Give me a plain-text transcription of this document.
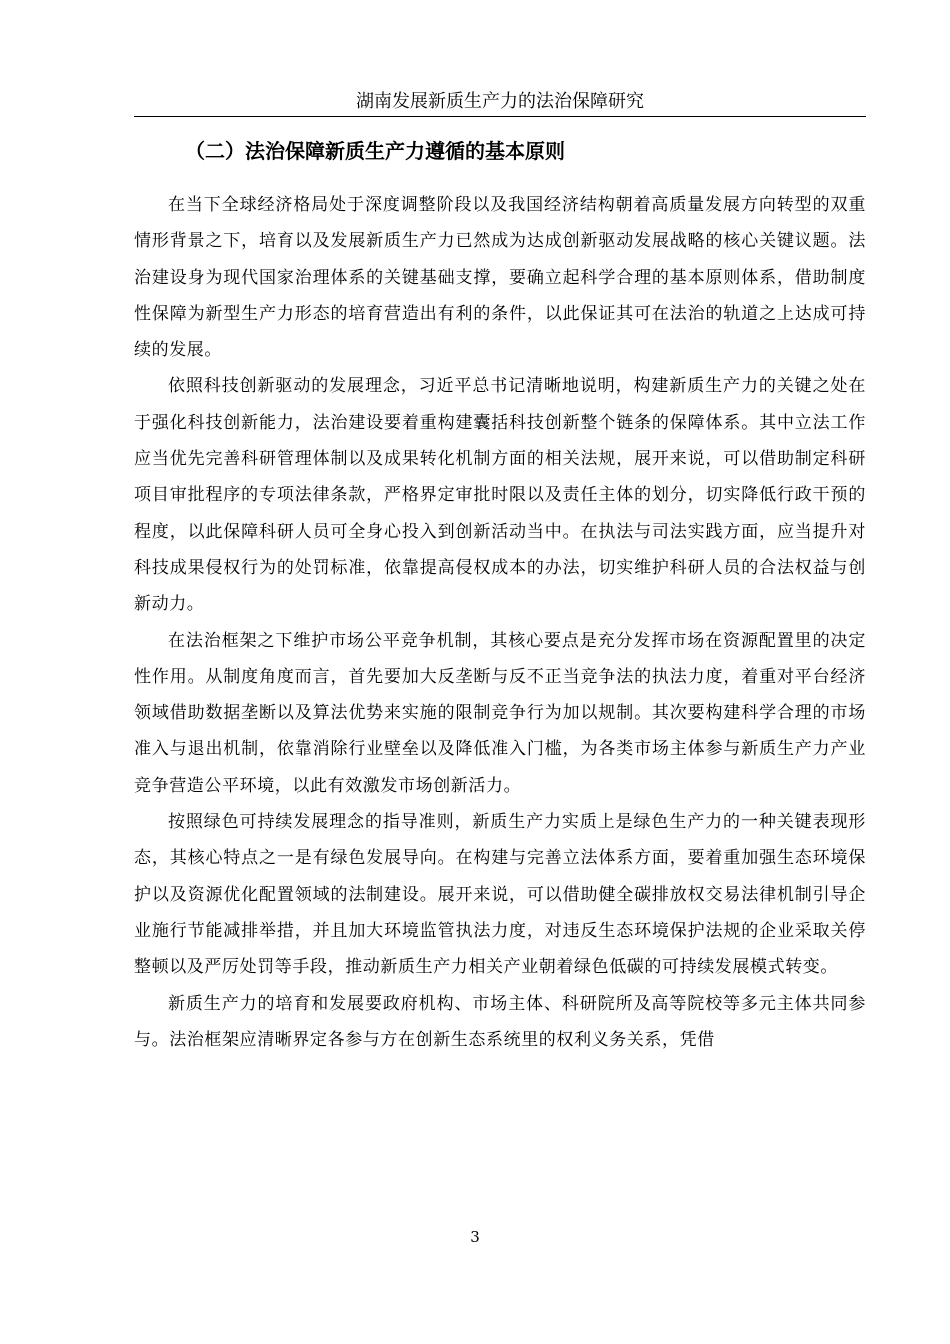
湖南发展新质生产力的法治保障研究
（二）法治保障新质生产力遵循的基本原则

在当下全球经济格局处于深度调整阶段以及我国经济结构朝着高质量发展方向转型的双重情形背景之下，培育以及发展新质生产力已然成为达成创新驱动发展战略的核心关键议题。法治建设身为现代国家治理体系的关键基础支撑，要确立起科学合理的基本原则体系，借助制度性保障为新型生产力形态的培育营造出有利的条件，以此保证其可在法治的轨道之上达成可持续的发展。

依照科技创新驱动的发展理念，习近平总书记清晰地说明，构建新质生产力的关键之处在于强化科技创新能力，法治建设要着重构建囊括科技创新整个链条的保障体系。其中立法工作应当优先完善科研管理体制以及成果转化机制方面的相关法规，展开来说，可以借助制定科研项目审批程序的专项法律条款，严格界定审批时限以及责任主体的划分，切实降低行政干预的程度，以此保障科研人员可全身心投入到创新活动当中。在执法与司法实践方面，应当提升对科技成果侵权行为的处罚标准，依靠提高侵权成本的办法，切实维护科研人员的合法权益与创新动力。

在法治框架之下维护市场公平竞争机制，其核心要点是充分发挥市场在资源配置里的决定性作用。从制度角度而言，首先要加大反垄断与反不正当竞争法的执法力度，着重对平台经济领域借助数据垄断以及算法优势来实施的限制竞争行为加以规制。其次要构建科学合理的市场准入与退出机制，依靠消除行业壁垒以及降低准入门槛，为各类市场主体参与新质生产力产业竞争营造公平环境，以此有效激发市场创新活力。

按照绿色可持续发展理念的指导准则，新质生产力实质上是绿色生产力的一种关键表现形态，其核心特点之一是有绿色发展导向。在构建与完善立法体系方面，要着重加强生态环境保护以及资源优化配置领域的法制建设。展开来说，可以借助健全碳排放权交易法律机制引导企业施行节能减排举措，并且加大环境监管执法力度，对违反生态环境保护法规的企业采取关停整顿以及严厉处罚等手段，推动新质生产力相关产业朝着绿色低碳的可持续发展模式转变。

新质生产力的培育和发展要政府机构、市场主体、科研院所及高等院校等多元主体共同参与。法治框架应清晰界定各参与方在创新生态系统里的权利义务关系，凭借

3
